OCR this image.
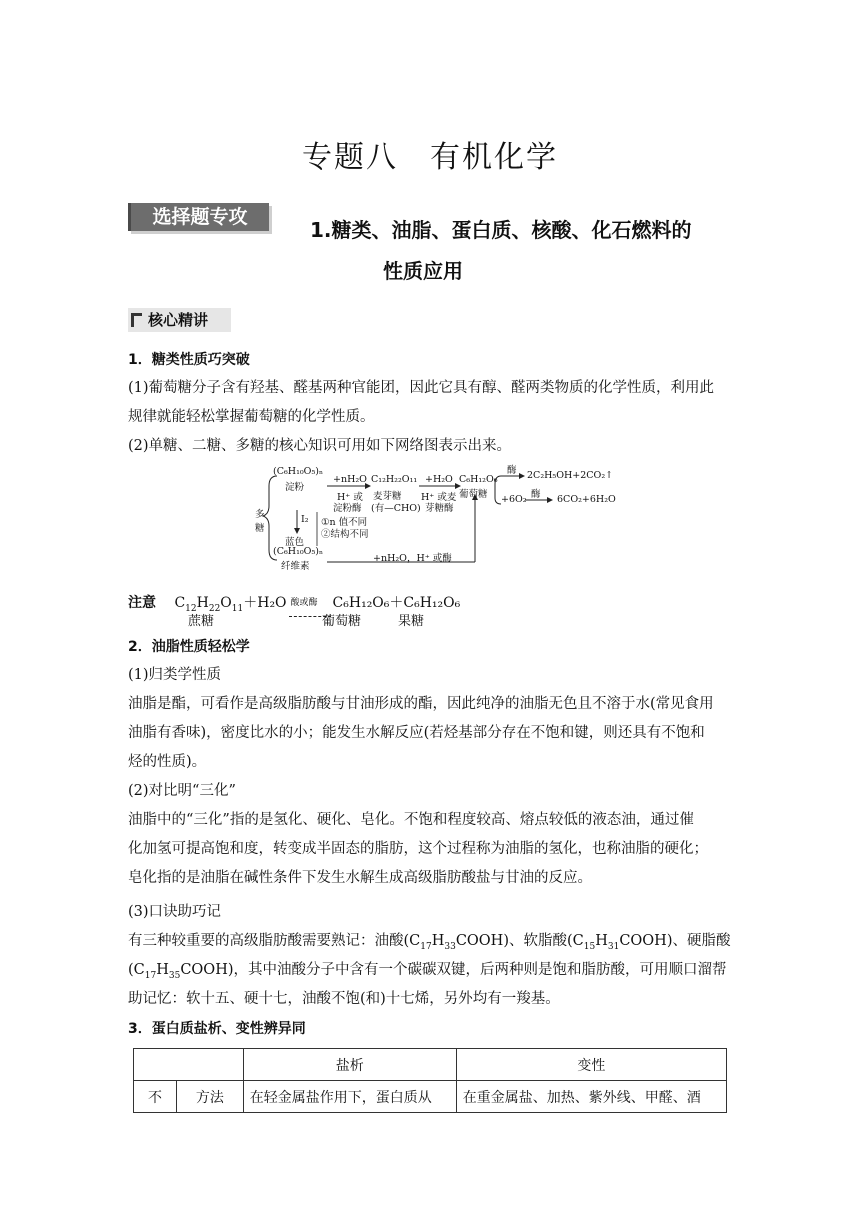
专题八　有机化学
选择题专攻
1.糖类、油脂、蛋白质、核酸、化石燃料的
性质应用
核心精讲
1．糖类性质巧突破
(1)葡萄糖分子含有羟基、醛基两种官能团，因此它具有醇、醛两类物质的化学性质，利用此
规律就能轻松掌握葡萄糖的化学性质。
(2)单糖、二糖、多糖的核心知识可用如下网络图表示出来。
多
糖
(C₆H₁₀O₅)ₙ
淀粉
I₂
蓝色
①n 值不同
②结构不同
(C₆H₁₀O₅)ₙ
纤维素
+nH₂O
H⁺ 或
淀粉酶
C₁₂H₂₂O₁₁
麦芽糖
(有—CHO)
+H₂O
H⁺ 或麦
芽糖酶
C₆H₁₂O₆
葡萄糖
酶 2C₂H₅OH+2CO₂↑
+6O₂ 酶 6CO₂+6H₂O
+nH₂O，H⁺ 或酶
注意 $C_{12}H_{22}O_{11}+H_2O$ 酸或酶 C₆H₁₂O₆＋C₆H₁₂O₆
蔗糖	葡萄糖	果糖
2．油脂性质轻松学
(1)归类学性质
油脂是酯，可看作是高级脂肪酸与甘油形成的酯，因此纯净的油脂无色且不溶于水(常见食用
油脂有香味)，密度比水的小；能发生水解反应(若烃基部分存在不饱和键，则还具有不饱和
烃的性质)。
(2)对比明“三化”
油脂中的“三化”指的是氢化、硬化、皂化。不饱和程度较高、熔点较低的液态油，通过催
化加氢可提高饱和度，转变成半固态的脂肪，这个过程称为油脂的氢化，也称油脂的硬化；
皂化指的是油脂在碱性条件下发生水解生成高级脂肪酸盐与甘油的反应。
(3)口诀助巧记
有三种较重要的高级脂肪酸需要熟记：油酸$(C_{17}H_{33}COOH)$、软脂酸$(C_{15}H_{31}COOH)$、硬脂酸
$(C_{17}H_{35}COOH)$，其中油酸分子中含有一个碳碳双键，后两种则是饱和脂肪酸，可用顺口溜帮
助记忆：软十五、硬十七，油酸不饱(和)十七烯，另外均有一羧基。
3．蛋白质盐析、变性辨异同
		盐析	变性
不	方法	在轻金属盐作用下，蛋白质从	在重金属盐、加热、紫外线、甲醛、酒
